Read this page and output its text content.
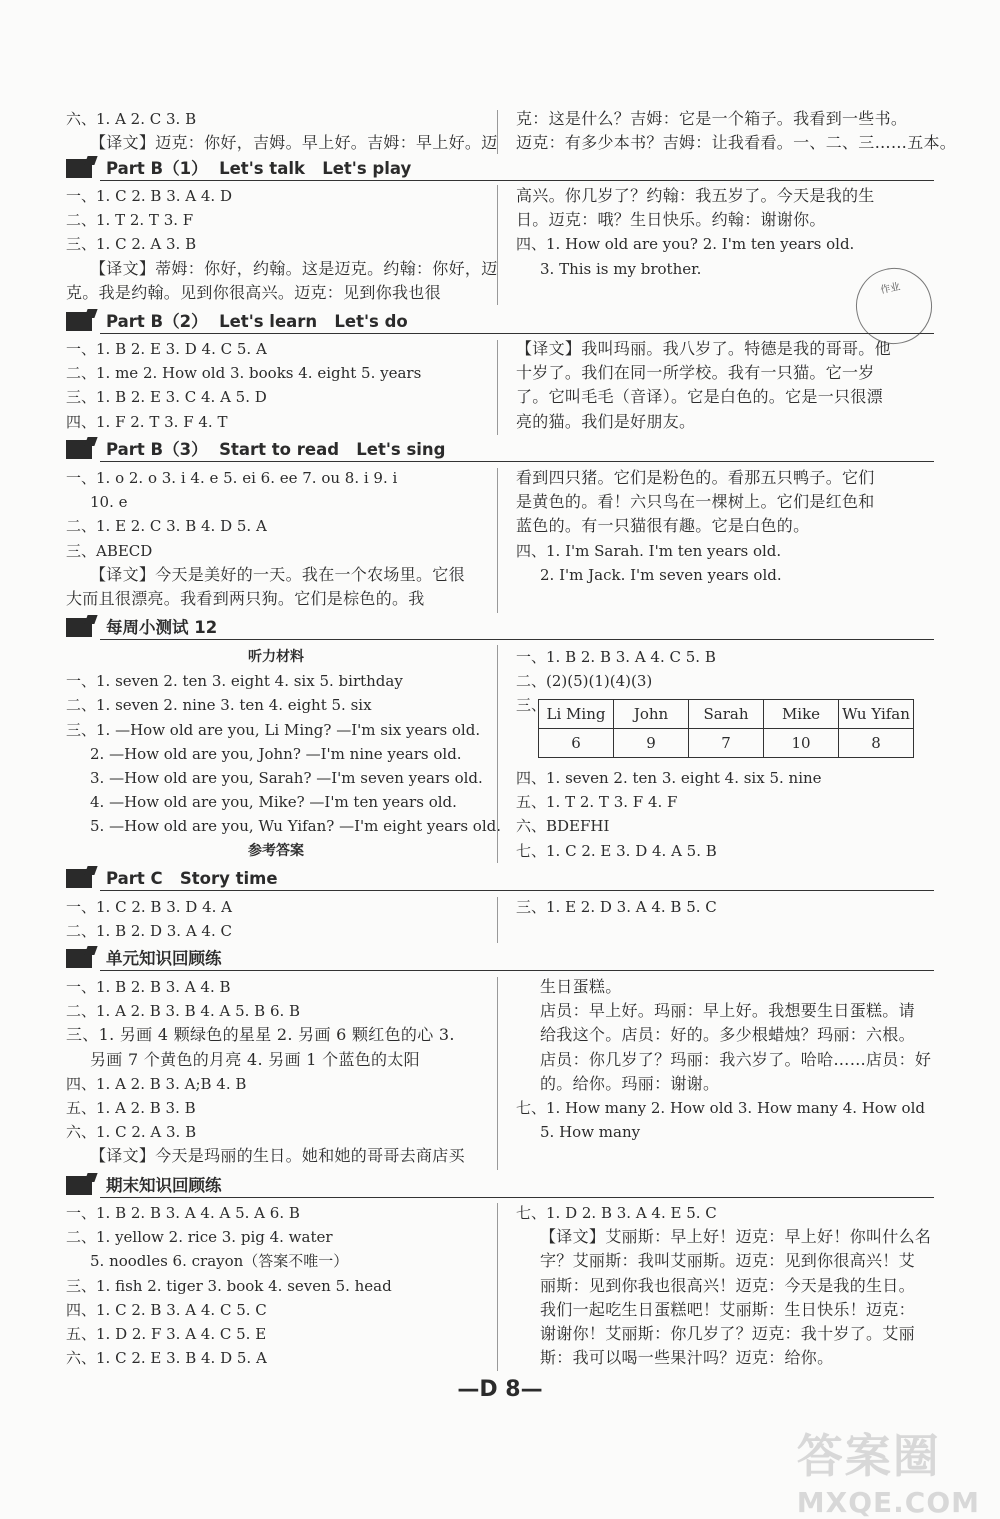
六、1. A 2. C 3. B
【译文】迈克：你好，吉姆。早上好。吉姆：早上好。迈
克：这是什么？吉姆：它是一个箱子。我看到一些书。
迈克：有多少本书？吉姆：让我看看。一、二、三……五本。
Part B（1）  Let's talk   Let's play
一、1. C 2. B 3. A 4. D
二、1. T 2. T 3. F
三、1. C 2. A 3. B
【译文】蒂姆：你好，约翰。这是迈克。约翰：你好，迈
克。我是约翰。见到你很高兴。迈克：见到你我也很
高兴。你几岁了？约翰：我五岁了。今天是我的生
日。迈克：哦？生日快乐。约翰：谢谢你。
四、1. How old are you? 2. I'm ten years old.
3. This is my brother.
作业
Part B（2）  Let's learn   Let's do
一、1. B 2. E 3. D 4. C 5. A
二、1. me 2. How old 3. books 4. eight 5. years
三、1. B 2. E 3. C 4. A 5. D
四、1. F 2. T 3. F 4. T
【译文】我叫玛丽。我八岁了。特德是我的哥哥。他
十岁了。我们在同一所学校。我有一只猫。它一岁
了。它叫毛毛（音译）。它是白色的。它是一只很漂
亮的猫。我们是好朋友。
Part B（3）  Start to read   Let's sing
一、1. o 2. o 3. i 4. e 5. ei 6. ee 7. ou 8. i 9. i
10. e
二、1. E 2. C 3. B 4. D 5. A
三、ABECD
【译文】今天是美好的一天。我在一个农场里。它很
大而且很漂亮。我看到两只狗。它们是棕色的。我
看到四只猪。它们是粉色的。看那五只鸭子。它们
是黄色的。看！六只鸟在一棵树上。它们是红色和
蓝色的。有一只猫很有趣。它是白色的。
四、1. I'm Sarah. I'm ten years old.
2. I'm Jack. I'm seven years old.
每周小测试 12
听力材料
一、1. seven 2. ten 3. eight 4. six 5. birthday
二、1. seven 2. nine 3. ten 4. eight 5. six
三、1. —How old are you, Li Ming? —I'm six years old.
2. —How old are you, John? —I'm nine years old.
3. —How old are you, Sarah? —I'm seven years old.
4. —How old are you, Mike? —I'm ten years old.
5. —How old are you, Wu Yifan? —I'm eight years old.
参考答案
一、1. B 2. B 3. A 4. C 5. B
二、(2)(5)(1)(4)(3)
三、 Li Ming	John	Sarah	Mike	Wu Yifan
6	9	7	10	8
四、1. seven 2. ten 3. eight 4. six 5. nine
五、1. T 2. T 3. F 4. F
六、BDEFHI
七、1. C 2. E 3. D 4. A 5. B
Part C   Story time
一、1. C 2. B 3. D 4. A
二、1. B 2. D 3. A 4. C
三、1. E 2. D 3. A 4. B 5. C
单元知识回顾练
一、1. B 2. B 3. A 4. B
二、1. A 2. B 3. B 4. A 5. B 6. B
三、1. 另画 4 颗绿色的星星 2. 另画 6 颗红色的心 3.
另画 7 个黄色的月亮 4. 另画 1 个蓝色的太阳
四、1. A 2. B 3. A;B 4. B
五、1. A 2. B 3. B
六、1. C 2. A 3. B
【译文】今天是玛丽的生日。她和她的哥哥去商店买
生日蛋糕。
店员：早上好。玛丽：早上好。我想要生日蛋糕。请
给我这个。店员：好的。多少根蜡烛？玛丽：六根。
店员：你几岁了？玛丽：我六岁了。哈哈……店员：好
的。给你。玛丽：谢谢。
七、1. How many 2. How old 3. How many 4. How old
5. How many
期末知识回顾练
一、1. B 2. B 3. A 4. A 5. A 6. B
二、1. yellow 2. rice 3. pig 4. water
5. noodles 6. crayon（答案不唯一）
三、1. fish 2. tiger 3. book 4. seven 5. head
四、1. C 2. B 3. A 4. C 5. C
五、1. D 2. F 3. A 4. C 5. E
六、1. C 2. E 3. B 4. D 5. A
七、1. D 2. B 3. A 4. E 5. C
【译文】艾丽斯：早上好！迈克：早上好！你叫什么名
字？艾丽斯：我叫艾丽斯。迈克：见到你很高兴！艾
丽斯：见到你我也很高兴！迈克：今天是我的生日。
我们一起吃生日蛋糕吧！艾丽斯：生日快乐！迈克：
谢谢你！艾丽斯：你几岁了？迈克：我十岁了。艾丽
斯：我可以喝一些果汁吗？迈克：给你。
—D 8—
答案圈
MXQE.COM
